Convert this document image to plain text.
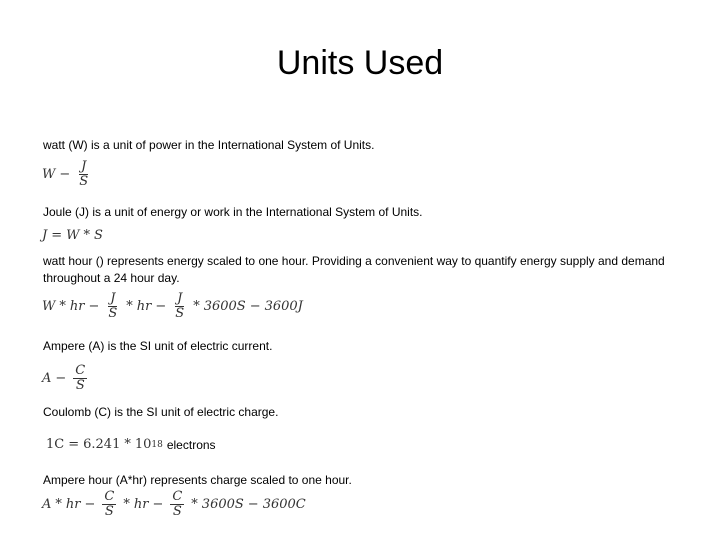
Units Used
watt (W) is a unit of power in the International System of Units.
$W - \frac{J}{S}$
Joule (J) is a unit of energy or work in the International System of Units.
J = W * S
watt hour () represents energy scaled to one hour. Providing a convenient way to quantify energy supply and demand throughout a 24 hour day.
W * hr − $\frac{J}{S}$ * hr − $\frac{J}{S} * 3600S - 3600J$
Ampere (A) is the SI unit of electric current.
$A - \frac{C}{S}$
Coulomb (C) is the SI unit of electric charge.
1C = 6.241 * 10 18 electrons
Ampere hour (A*hr) represents charge scaled to one hour.
A * hr − $\frac{C}{S}$ * hr − $\frac{C}{S} * 3600S - 3600C$
